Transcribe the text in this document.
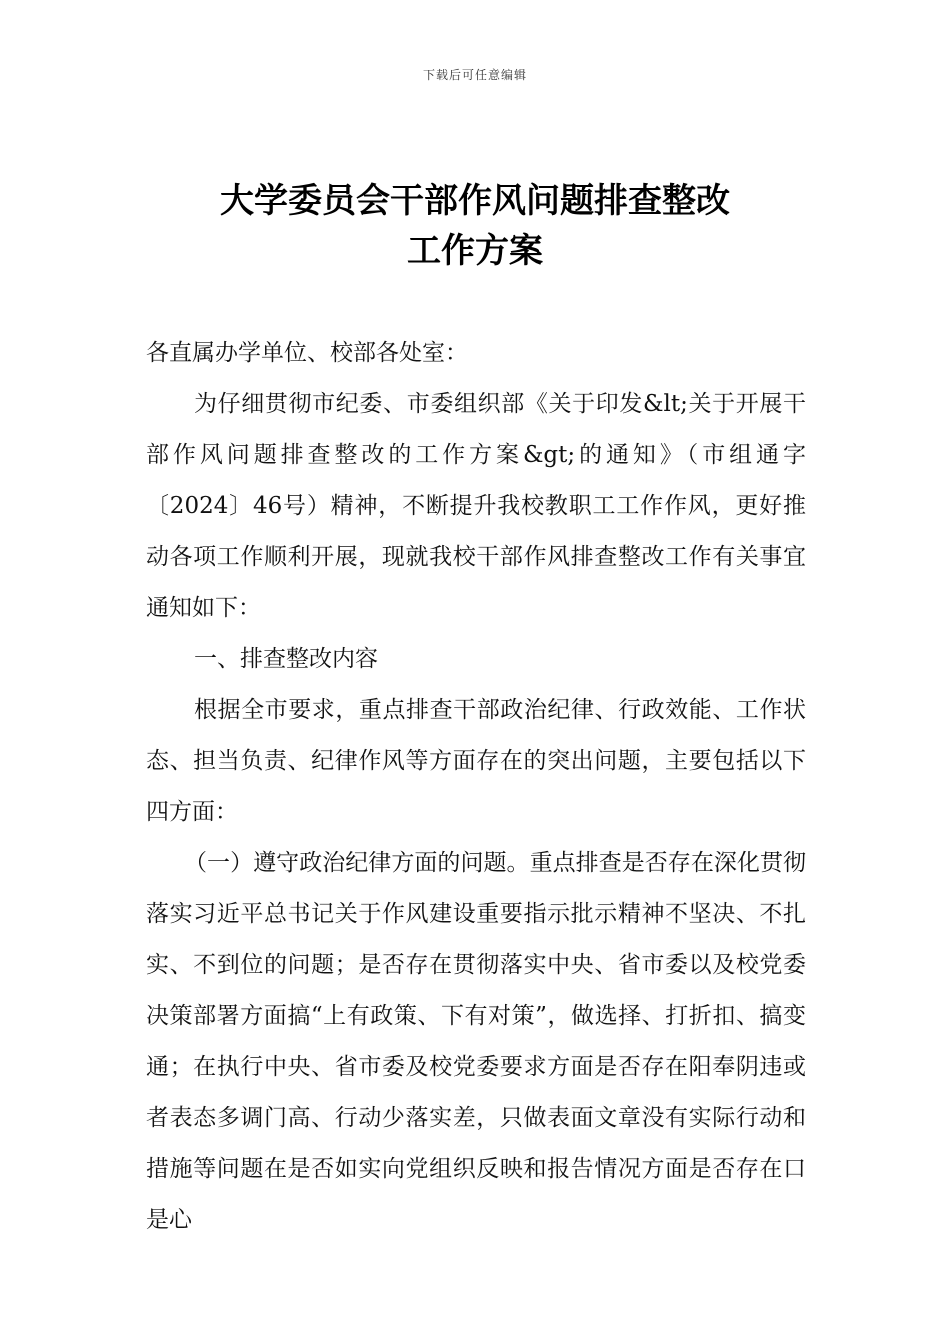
下载后可任意编辑
大学委员会干部作风问题排查整改
工作方案

各直属办学单位、校部各处室：

为仔细贯彻市纪委、市委组织部《关于印发&lt;关于开展干部作风问题排查整改的工作方案&gt;的通知》（市组通字〔2024〕46号）精神，不断提升我校教职工工作作风，更好推动各项工作顺利开展，现就我校干部作风排查整改工作有关事宜通知如下：

一、排查整改内容

根据全市要求，重点排查干部政治纪律、行政效能、工作状态、担当负责、纪律作风等方面存在的突出问题，主要包括以下四方面：

（一）遵守政治纪律方面的问题。重点排查是否存在深化贯彻落实习近平总书记关于作风建设重要指示批示精神不坚决、不扎实、不到位的问题；是否存在贯彻落实中央、省市委以及校党委决策部署方面搞“上有政策、下有对策”，做选择、打折扣、搞变通；在执行中央、省市委及校党委要求方面是否存在阳奉阴违或者表态多调门高、行动少落实差，只做表面文章没有实际行动和措施等问题在是否如实向党组织反映和报告情况方面是否存在口是心
